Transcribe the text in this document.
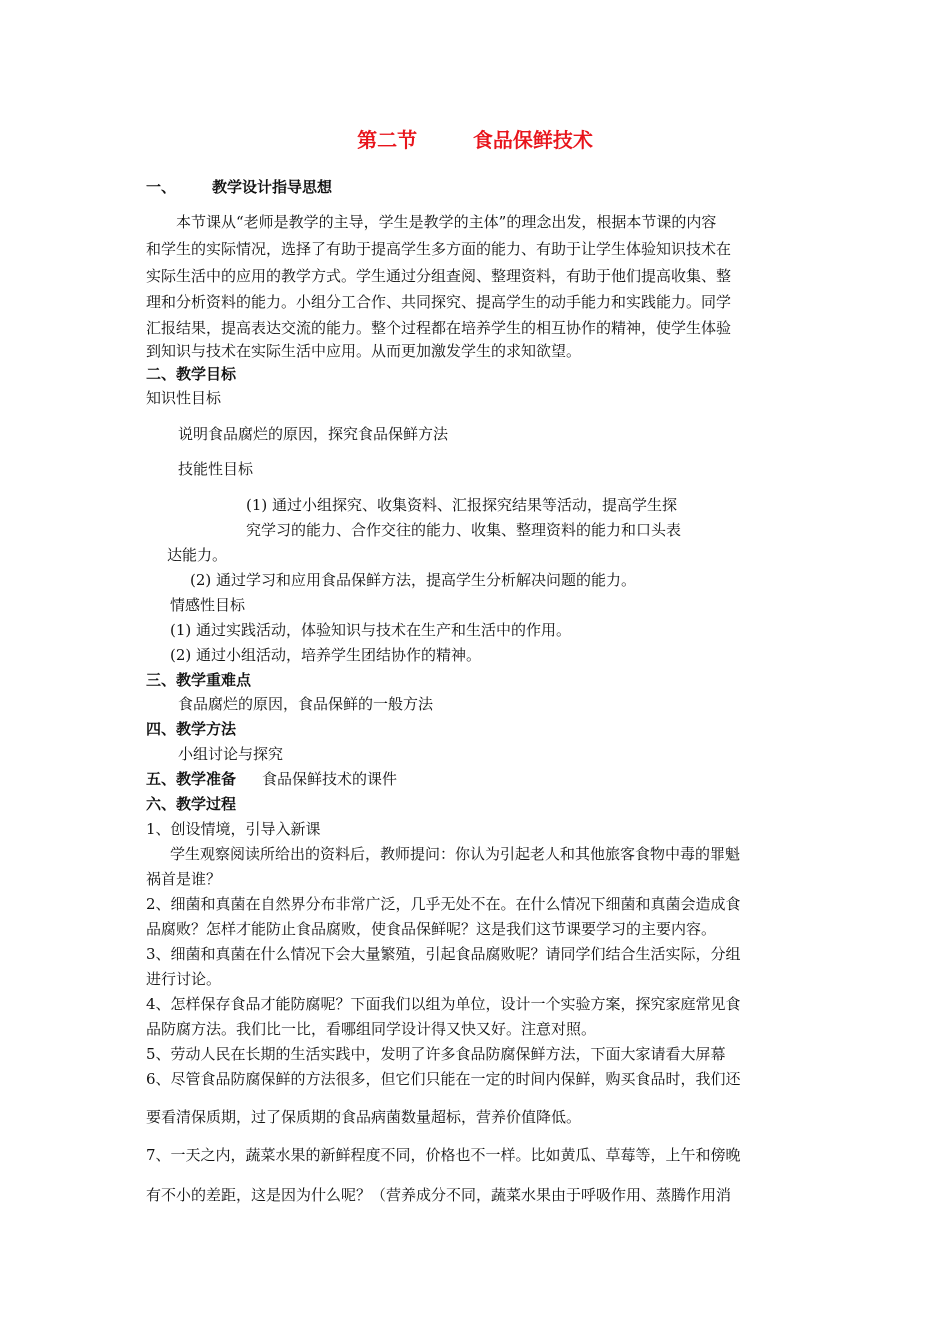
第二节        食品保鲜技术
一、 教学设计指导思想
本节课从“老师是教学的主导，学生是教学的主体”的理念出发，根据本节课的内容
和学生的实际情况，选择了有助于提高学生多方面的能力、有助于让学生体验知识技术在
实际生活中的应用的教学方式。学生通过分组查阅、整理资料，有助于他们提高收集、整
理和分析资料的能力。小组分工合作、共同探究、提高学生的动手能力和实践能力。同学
汇报结果，提高表达交流的能力。整个过程都在培养学生的相互协作的精神，使学生体验
到知识与技术在实际生活中应用。从而更加激发学生的求知欲望。
二、教学目标
知识性目标
说明食品腐烂的原因，探究食品保鲜方法
技能性目标
(1) 通过小组探究、收集资料、汇报探究结果等活动，提高学生探
究学习的能力、合作交往的能力、收集、整理资料的能力和口头表
达能力。
(2) 通过学习和应用食品保鲜方法，提高学生分析解决问题的能力。
情感性目标
(1) 通过实践活动，体验知识与技术在生产和生活中的作用。
(2) 通过小组活动，培养学生团结协作的精神。
三、教学重难点
食品腐烂的原因，食品保鲜的一般方法
四、教学方法
小组讨论与探究
五、教学准备 食品保鲜技术的课件
六、教学过程
1、创设情境，引导入新课
学生观察阅读所给出的资料后，教师提问：你认为引起老人和其他旅客食物中毒的罪魁
祸首是谁？
2、细菌和真菌在自然界分布非常广泛，几乎无处不在。在什么情况下细菌和真菌会造成食
品腐败？怎样才能防止食品腐败，使食品保鲜呢？这是我们这节课要学习的主要内容。
3、细菌和真菌在什么情况下会大量繁殖，引起食品腐败呢？请同学们结合生活实际，分组
进行讨论。
4、怎样保存食品才能防腐呢？下面我们以组为单位，设计一个实验方案，探究家庭常见食
品防腐方法。我们比一比，看哪组同学设计得又快又好。注意对照。
5、劳动人民在长期的生活实践中，发明了许多食品防腐保鲜方法，下面大家请看大屏幕
6、尽管食品防腐保鲜的方法很多，但它们只能在一定的时间内保鲜，购买食品时，我们还
要看清保质期，过了保质期的食品病菌数量超标，营养价值降低。
7、一天之内，蔬菜水果的新鲜程度不同，价格也不一样。比如黄瓜、草莓等，上午和傍晚
有不小的差距，这是因为什么呢？（营养成分不同，蔬菜水果由于呼吸作用、蒸腾作用消
